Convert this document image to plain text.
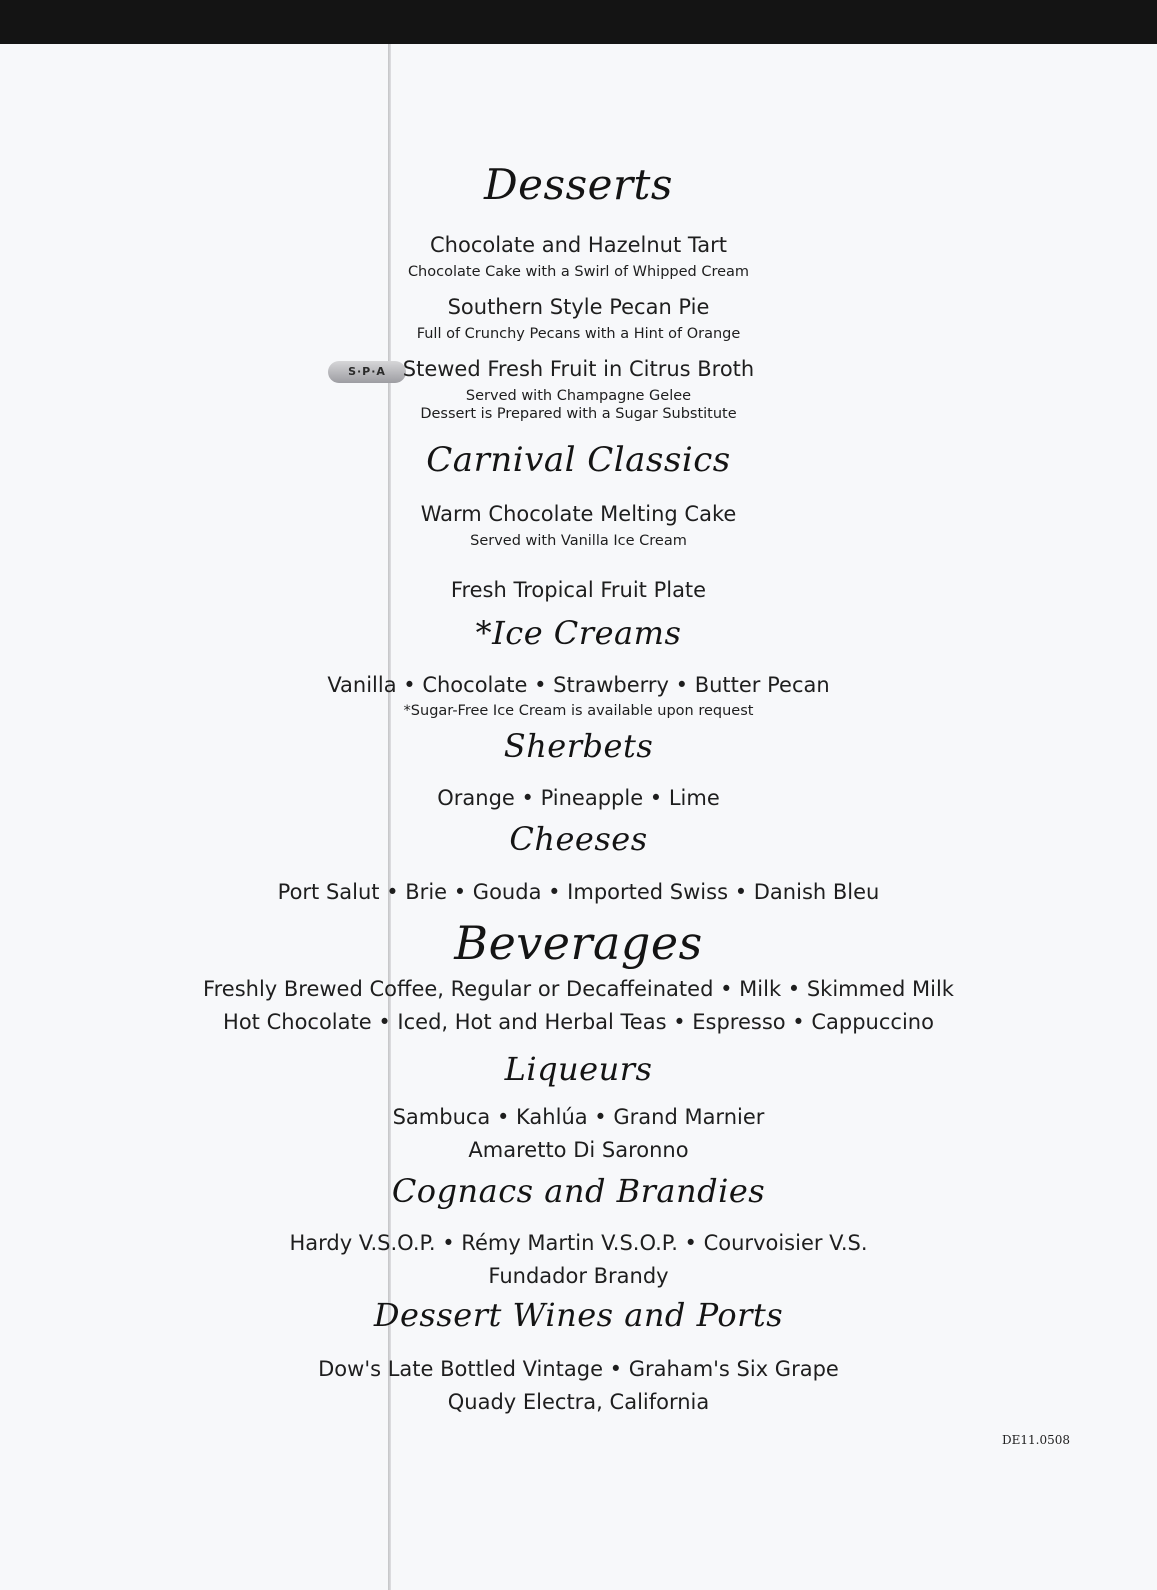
Desserts
Chocolate and Hazelnut Tart
Chocolate Cake with a Swirl of Whipped Cream
Southern Style Pecan Pie
Full of Crunchy Pecans with a Hint of Orange
S·P·A Stewed Fresh Fruit in Citrus Broth
Served with Champagne Gelee
Dessert is Prepared with a Sugar Substitute
Carnival Classics
Warm Chocolate Melting Cake
Served with Vanilla Ice Cream
Fresh Tropical Fruit Plate
*Ice Creams
Vanilla • Chocolate • Strawberry • Butter Pecan
*Sugar-Free Ice Cream is available upon request
Sherbets
Orange • Pineapple • Lime
Cheeses
Port Salut • Brie • Gouda • Imported Swiss • Danish Bleu
Beverages
Freshly Brewed Coffee, Regular or Decaffeinated • Milk • Skimmed Milk
Hot Chocolate • Iced, Hot and Herbal Teas • Espresso • Cappuccino
Liqueurs
Sambuca • Kahlúa • Grand Marnier
Amaretto Di Saronno
Cognacs and Brandies
Hardy V.S.O.P. • Rémy Martin V.S.O.P. • Courvoisier V.S.
Fundador Brandy
Dessert Wines and Ports
Dow's Late Bottled Vintage • Graham's Six Grape
Quady Electra, California
DE11.0508
